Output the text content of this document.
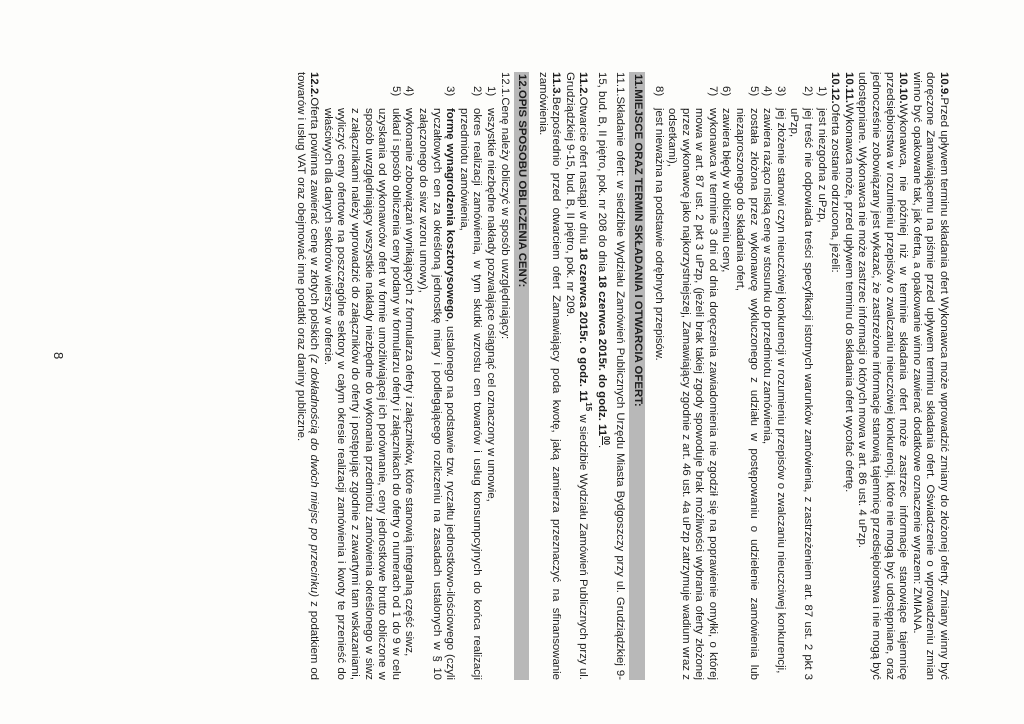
10.9.Przed upływem terminu składania ofert Wykonawca może wprowadzić zmiany do złożonej oferty. Zmiany winny być doręczone Zamawiającemu na piśmie przed upływem terminu składania ofert. Oświadczenie o wprowadzeniu zmian winno być opakowane tak, jak oferta, a opakowanie winno zawierać dodatkowe oznaczenie wyrazem: ZMIANA.

10.10.Wykonawca, nie później niż w terminie składania ofert może zastrzec informacje stanowiące tajemnicę przedsiębiorstwa w rozumieniu przepisów o zwalczaniu nieuczciwej konkurencji, które nie mogą być udostępniane, oraz jednocześnie zobowiązany jest wykazać, że zastrzeżone informacje stanowią tajemnicę przedsiębiorstwa i nie mogą być udostępniane. Wykonawca nie może zastrzec informacji o których mowa w art. 86 ust. 4 uPzp.

10.11.Wykonawca może, przed upływem terminu do składania ofert wycofać ofertę.

10.12.Oferta zostanie odrzucona, jeżeli:

1)
jest niezgodna z uPzp,
2)
jej treść nie odpowiada treści specyfikacji istotnych warunków zamówienia, z zastrzeżeniem art. 87 ust. 2 pkt 3 uPzp,
3)
jej złożenie stanowi czyn nieuczciwej konkurencji w rozumieniu przepisów o zwalczaniu nieuczciwej konkurencji,
4)
zawiera rażąco niską cenę w stosunku do przedmiotu zamówienia,
5)
została złożona przez wykonawcę wykluczonego z udziału w postępowaniu o udzielenie zamówienia lub niezaproszonego do składania ofert,
6)
zawiera błędy w obliczeniu ceny,
7)
wykonawca w terminie 3 dni od dnia doręczenia zawiadomienia nie zgodził się na poprawienie omyłki, o której mowa w art. 87 ust. 2 pkt 3 uPzp, (jeżeli brak takiej zgody spowoduje brak możliwości wybrania oferty złożonej przez wykonawcę jako najkorzystniejszej, Zamawiający zgodnie z art. 46 ust. 4a uPzp zatrzymuje wadium wraz z odsetkami),
8)
jest nieważna na podstawie odrębnych przepisów.
11.MIEJSCE ORAZ TERMIN SKŁADANIA I OTWARCIA OFERT:

11.1.Składanie ofert: w siedzibie Wydziału Zamówień Publicznych Urzędu Miasta Bydgoszczy przy ul. Grudziądzkiej 9-15, bud. B, II piętro, pok. nr 208 do dnia 18 czerwca 2015r. do godz. $11^{00}$.

11.2.Otwarcie ofert nastąpi w dniu 18 czerwca 2015r. o godz. $11^{15}$ w siedzibie Wydziału Zamówień Publicznych przy ul. Grudziądzkiej 9-15, bud. B, II piętro, pok. nr 209.

11.3.Bezpośrednio przed otwarciem ofert Zamawiający poda kwotę, jaką zamierza przeznaczyć na sfinansowanie zamówienia.

12.OPIS SPOSOBU OBLICZENIA CENY:

12.1.Cenę należy obliczyć w sposób uwzględniający:

1)
wszystkie niezbędne nakłady pozwalające osiągnąć cel oznaczony w umowie,
2)
okres realizacji zamówienia, w tym skutki wzrostu cen towarów i usług konsumpcyjnych do końca realizacji przedmiotu zamówienia,
3)
formę wynagrodzenia kosztorysowego, ustalonego na podstawie tzw. ryczałtu jednostkowo-ilościowego (czyli ryczałtowych cen za określoną jednostkę miary i podlegającego rozliczeniu na zasadach ustalonych w § 10 załączonego do siwz wzoru umowy),
4)
wykonanie zobowiązań wynikających z formularza oferty i załączników, które stanowią integralną część siwz,
5)
układ i sposób obliczenia ceny podany w formularzu oferty i załącznikach do oferty o numerach od 1 do 9 w celu uzyskania od wykonawców ofert w formie umożliwiającej ich porównanie, ceny jednostkowe brutto obliczone w sposób uwzględniający wszystkie nakłady niezbędne do wykonania przedmiotu zamówienia określonego w siwz z załącznikami należy wprowadzić do załączników do oferty i postępując zgodnie z zawartymi tam wskazaniami, wyliczyć ceny ofertowe na poszczególne sektory w całym okresie realizacji zamówienia i kwoty te przenieść do właściwych dla danych sektorów wierszy w ofercie.

12.2.Oferta powinna zawierać cenę w złotych polskich (z dokładnością do dwóch miejsc po przecinku) z podatkiem od towarów i usług VAT oraz obejmować inne podatki oraz daniny publiczne.

8
